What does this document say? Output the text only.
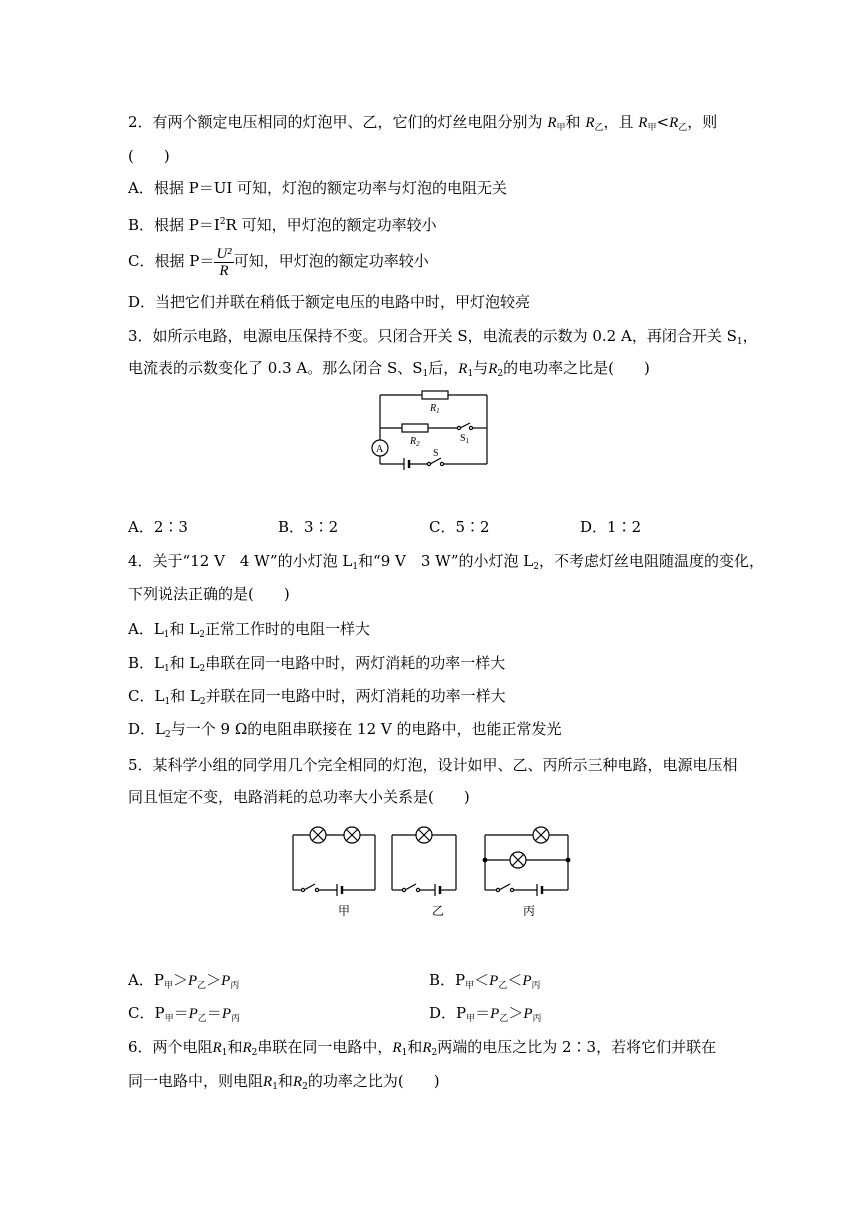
2．有两个额定电压相同的灯泡甲、乙，它们的灯丝电阻分别为 $R_甲$和 $R_乙$，且 $R_甲<R_乙$，则
(　　)
A．根据 P＝UI 可知，灯泡的额定功率与灯泡的电阻无关
B．根据 $P=I^2R$ 可知，甲灯泡的额定功率较小
C．根据 $P= \frac{\text{U²}}{R}$ 可知，甲灯泡的额定功率较小
D．当把它们并联在稍低于额定电压的电路中时，甲灯泡较亮
3．如所示电路，电源电压保持不变。只闭合开关 S，电流表的示数为 0.2 A，再闭合开关 $S_1$，
电流表的示数变化了 0.3 A。那么闭合 S、$S_1$后，$R_1$与$R_2$的电功率之比是(　　)
$R_1$
$R_2$	$S_1$
A	S
A．2∶3	B．3∶2	C．5∶2	D．1∶2
4．关于“12 V　4 W”的小灯泡 $L_1$和“9 V　3 W”的小灯泡 $L_2$，不考虑灯丝电阻随温度的变化，
下列说法正确的是(　　)
A．$L_1$和 $L_2$正常工作时的电阻一样大
B．$L_1$和 $L_2$串联在同一电路中时，两灯消耗的功率一样大
C．$L_1$和 $L_2$并联在同一电路中时，两灯消耗的功率一样大
D．$L_2$与一个 9 Ω的电阻串联接在 12 V 的电路中，也能正常发光
5．某科学小组的同学用几个完全相同的灯泡，设计如甲、乙、丙所示三种电路，电源电压相
同且恒定不变，电路消耗的总功率大小关系是(　　)
甲	乙	丙
A．$P_甲>P_乙>P_丙$	B．$P_甲<P_乙<P_丙$
C．$P_甲=P_乙=P_丙$	D．$P_甲=P_乙>P_丙$
6．两个电阻$R_1$和$R_2$串联在同一电路中，$R_1$和$R_2$两端的电压之比为 2∶3，若将它们并联在
同一电路中，则电阻$R_1$和$R_2$的功率之比为(　　)
